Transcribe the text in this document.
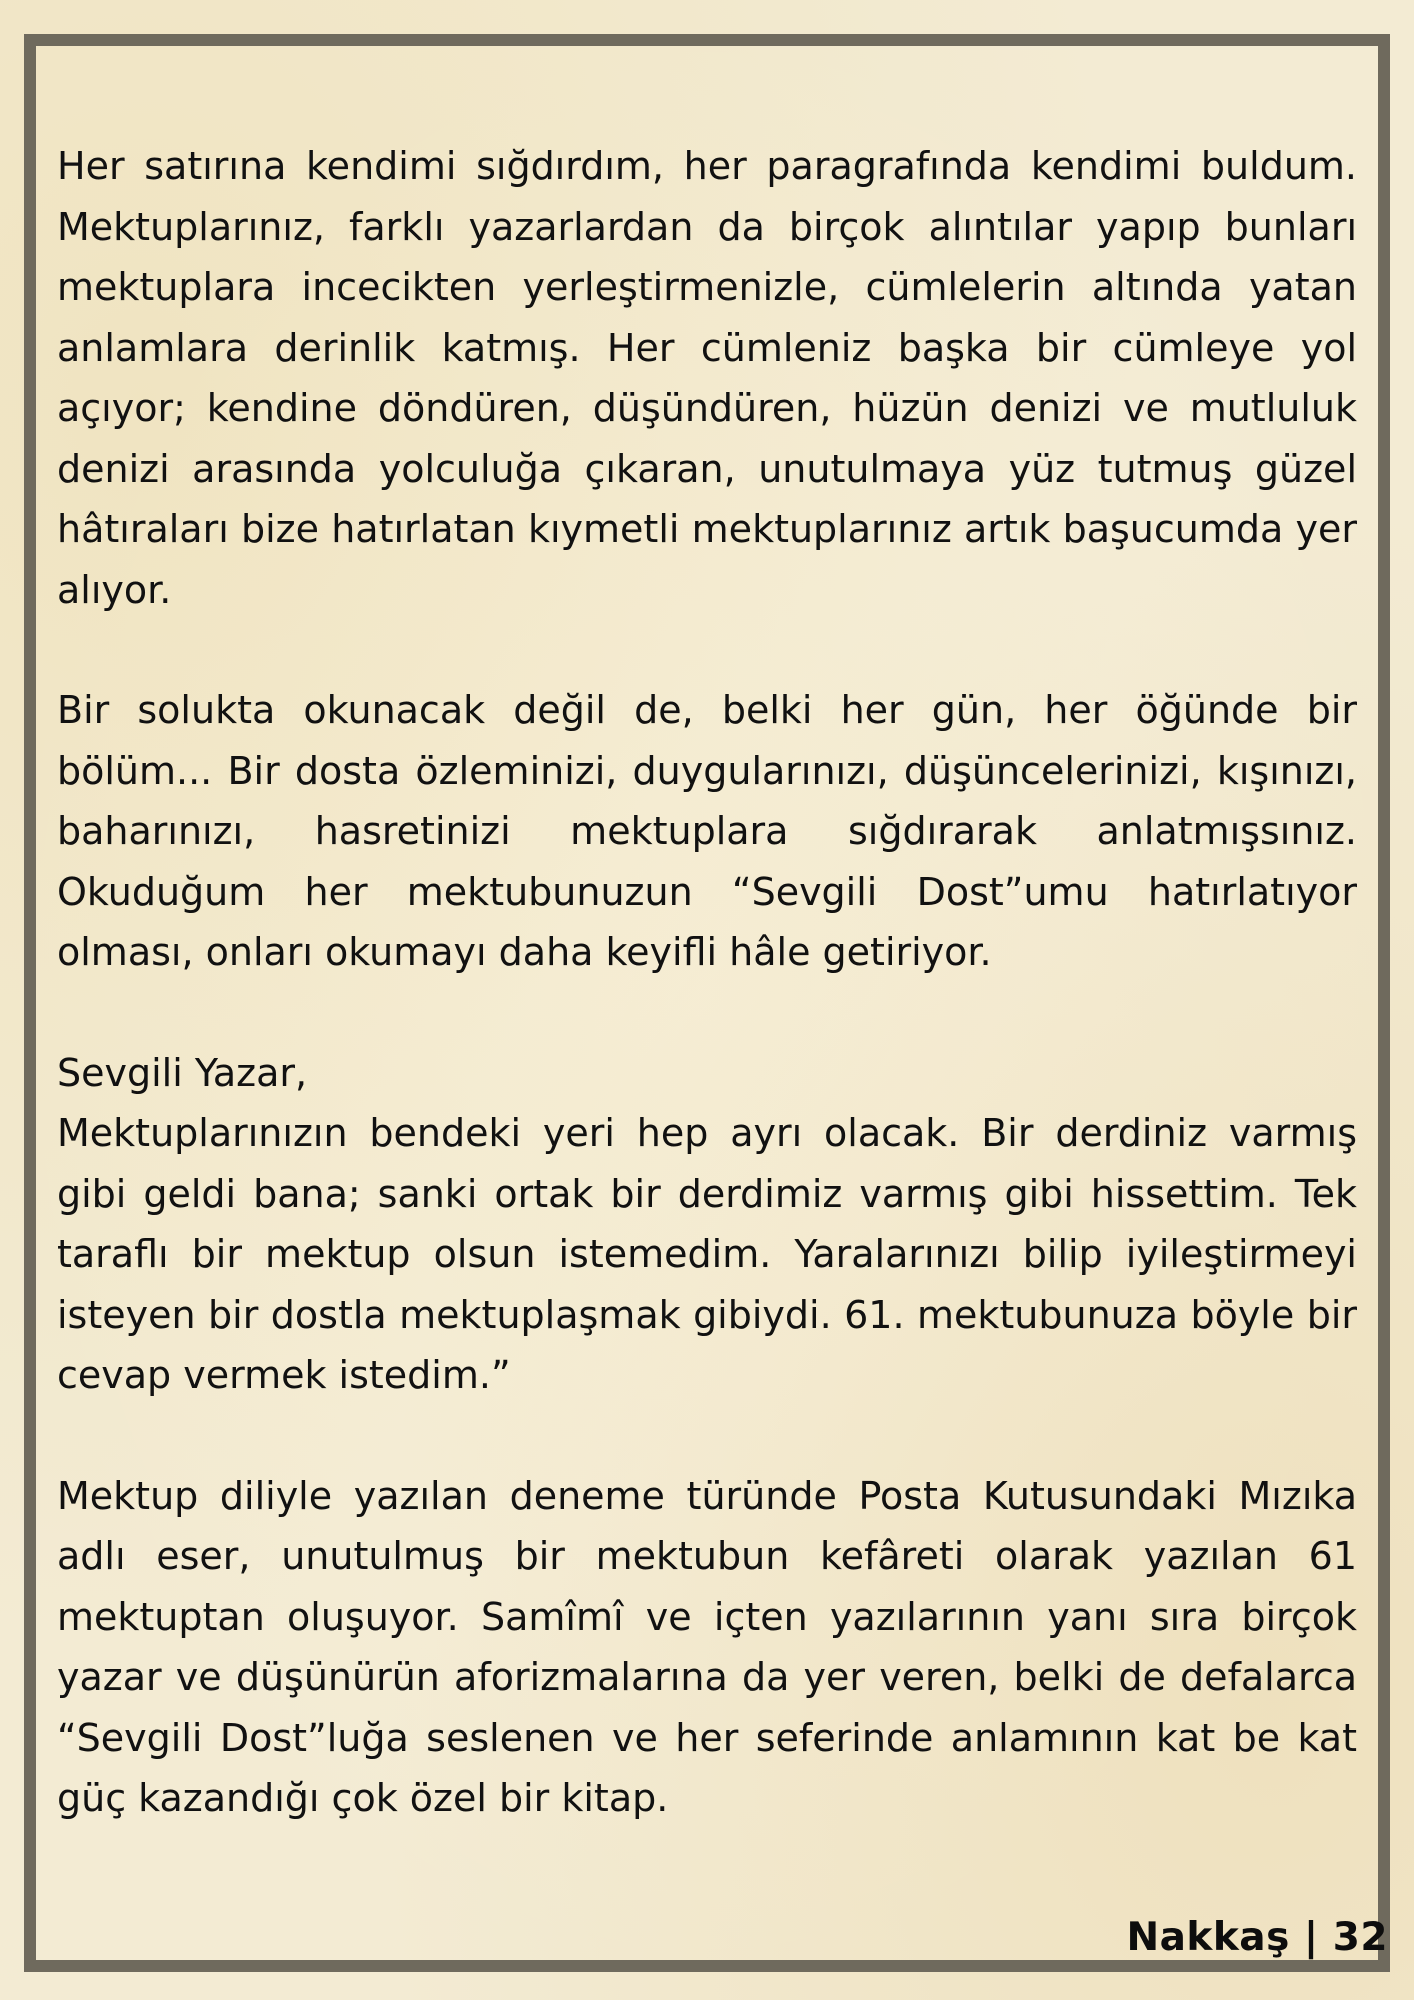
Her satırına kendimi sığdırdım, her paragrafında kendimi buldum. Mektuplarınız, farklı yazarlardan da birçok alıntılar yapıp bunları mektuplara incecikten yerleştirmenizle, cümlelerin altında yatan anlamlara derinlik katmış. Her cümleniz başka bir cümleye yol açıyor; kendine döndüren, düşündüren, hüzün denizi ve mutluluk denizi arasında yolculuğa çıkaran, unutulmaya yüz tutmuş güzel hâtıraları bize hatırlatan kıymetli mektuplarınız artık başucumda yer alıyor.

Bir solukta okunacak değil de, belki her gün, her öğünde bir bölüm... Bir dosta özleminizi, duygularınızı, düşüncelerinizi, kışınızı, baharınızı, hasretinizi mektuplara sığdırarak anlatmışsınız. Okuduğum her mektubunuzun “Sevgili Dost”umu hatırlatıyor olması, onları okumayı daha keyifli hâle getiriyor.

Sevgili Yazar,
Mektuplarınızın bendeki yeri hep ayrı olacak. Bir derdiniz varmış gibi geldi bana; sanki ortak bir derdimiz varmış gibi hissettim. Tek taraflı bir mektup olsun istemedim. Yaralarınızı bilip iyileştirmeyi isteyen bir dostla mektuplaşmak gibiydi. 61. mektubunuza böyle bir cevap vermek istedim.”

Mektup diliyle yazılan deneme türünde Posta Kutusundaki Mızıka adlı eser, unutulmuş bir mektubun kefâreti olarak yazılan 61 mektuptan oluşuyor. Samîmî ve içten yazılarının yanı sıra birçok yazar ve düşünürün aforizmalarına da yer veren, belki de defalarca “Sevgili Dost”luğa seslenen ve her seferinde anlamının kat be kat güç kazandığı çok özel bir kitap.

Nakkaş | 32
